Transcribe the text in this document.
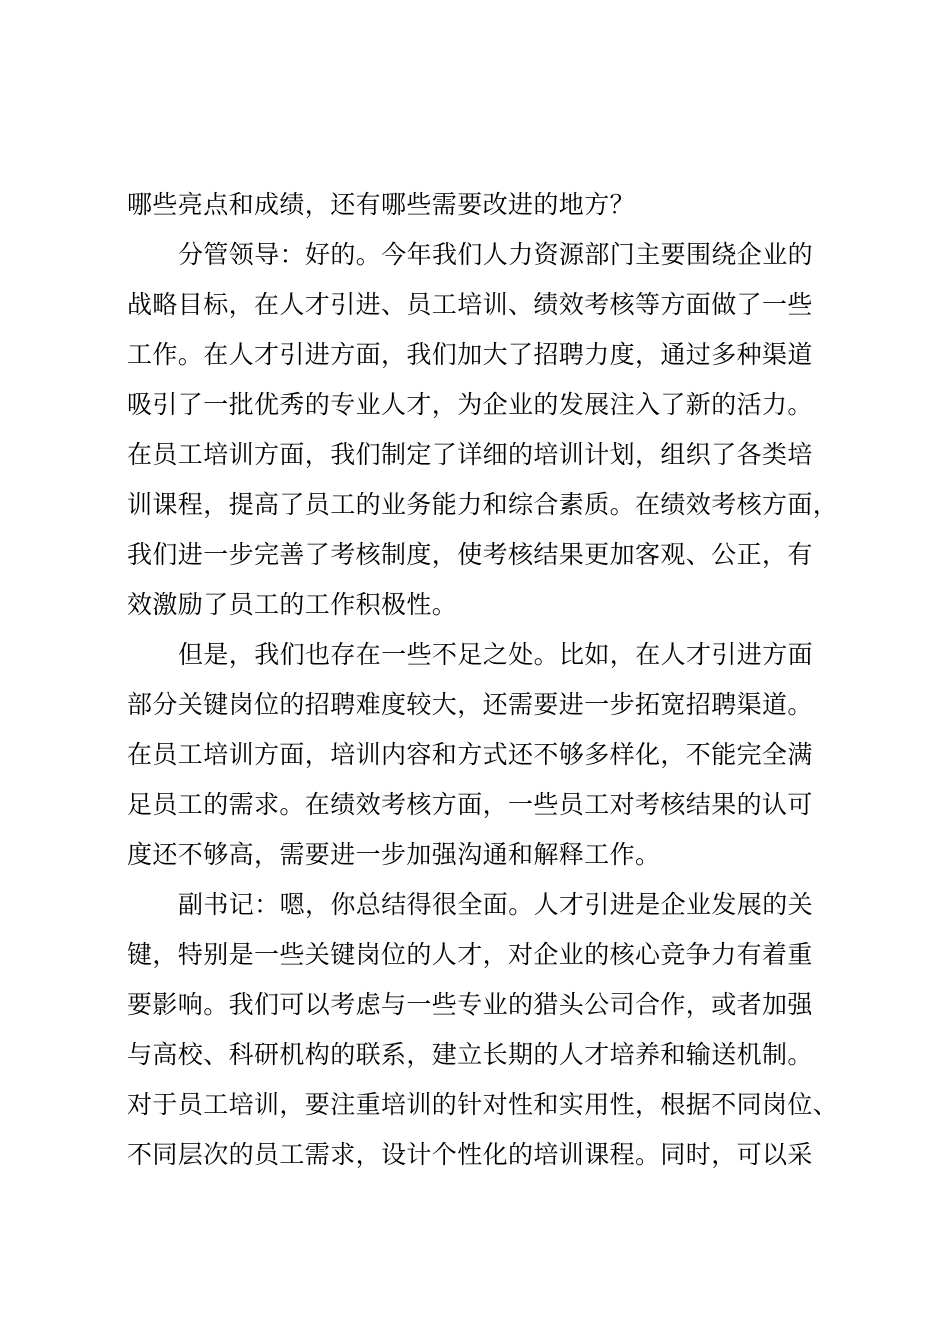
哪些亮点和成绩，还有哪些需要改进的地方？
分管领导：好的。今年我们人力资源部门主要围绕企业的
战略目标，在人才引进、员工培训、绩效考核等方面做了一些
工作。在人才引进方面，我们加大了招聘力度，通过多种渠道
吸引了一批优秀的专业人才，为企业的发展注入了新的活力。
在员工培训方面，我们制定了详细的培训计划，组织了各类培
训课程，提高了员工的业务能力和综合素质。在绩效考核方面，
我们进一步完善了考核制度，使考核结果更加客观、公正，有
效激励了员工的工作积极性。
但是，我们也存在一些不足之处。比如，在人才引进方面
部分关键岗位的招聘难度较大，还需要进一步拓宽招聘渠道。
在员工培训方面，培训内容和方式还不够多样化，不能完全满
足员工的需求。在绩效考核方面，一些员工对考核结果的认可
度还不够高，需要进一步加强沟通和解释工作。
副书记：嗯，你总结得很全面。人才引进是企业发展的关
键，特别是一些关键岗位的人才，对企业的核心竞争力有着重
要影响。我们可以考虑与一些专业的猎头公司合作，或者加强
与高校、科研机构的联系，建立长期的人才培养和输送机制。
对于员工培训，要注重培训的针对性和实用性，根据不同岗位、
不同层次的员工需求，设计个性化的培训课程。同时，可以采
